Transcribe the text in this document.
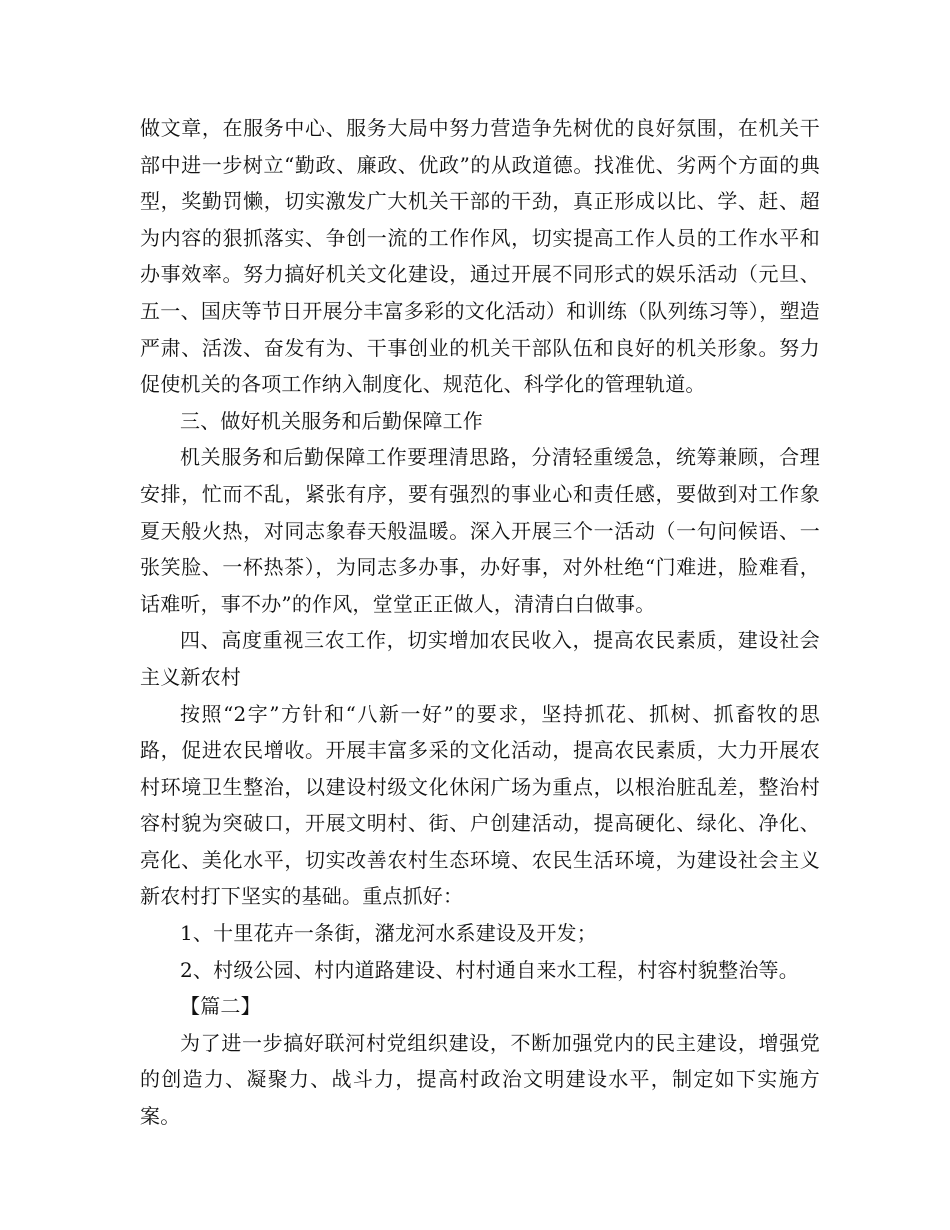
做文章，在服务中心、服务大局中努力营造争先树优的良好氛围，在机关干部中进一步树立“勤政、廉政、优政”的从政道德。找准优、劣两个方面的典型，奖勤罚懒，切实激发广大机关干部的干劲，真正形成以比、学、赶、超为内容的狠抓落实、争创一流的工作作风，切实提高工作人员的工作水平和办事效率。努力搞好机关文化建设，通过开展不同形式的娱乐活动（元旦、五一、国庆等节日开展分丰富多彩的文化活动）和训练（队列练习等），塑造严肃、活泼、奋发有为、干事创业的机关干部队伍和良好的机关形象。努力促使机关的各项工作纳入制度化、规范化、科学化的管理轨道。

三、做好机关服务和后勤保障工作

机关服务和后勤保障工作要理清思路，分清轻重缓急，统筹兼顾，合理安排，忙而不乱，紧张有序，要有强烈的事业心和责任感，要做到对工作象夏天般火热，对同志象春天般温暖。深入开展三个一活动（一句问候语、一张笑脸、一杯热茶），为同志多办事，办好事，对外杜绝“门难进，脸难看，话难听，事不办”的作风，堂堂正正做人，清清白白做事。

四、高度重视三农工作，切实增加农民收入，提高农民素质，建设社会主义新农村

按照“2字”方针和“八新一好”的要求，坚持抓花、抓树、抓畜牧的思路，促进农民增收。开展丰富多采的文化活动，提高农民素质，大力开展农村环境卫生整治，以建设村级文化休闲广场为重点，以根治脏乱差，整治村容村貌为突破口，开展文明村、街、户创建活动，提高硬化、绿化、净化、亮化、美化水平，切实改善农村生态环境、农民生活环境，为建设社会主义新农村打下坚实的基础。重点抓好：

1、十里花卉一条街，潴龙河水系建设及开发；

2、村级公园、村内道路建设、村村通自来水工程，村容村貌整治等。

【篇二】

为了进一步搞好联河村党组织建设，不断加强党内的民主建设，增强党的创造力、凝聚力、战斗力，提高村政治文明建设水平，制定如下实施方案。
